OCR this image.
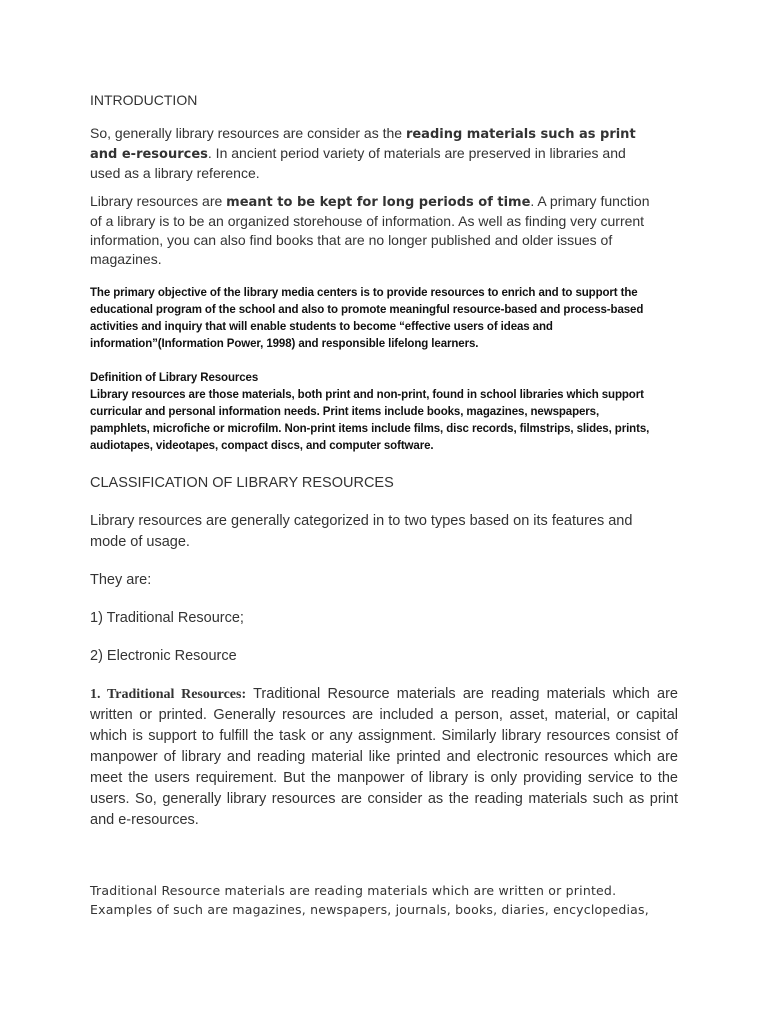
INTRODUCTION

So, generally library resources are consider as the reading materials such as print and e-resources. In ancient period variety of materials are preserved in libraries and used as a library reference.

Library resources are meant to be kept for long periods of time. A primary function of a library is to be an organized storehouse of information. As well as finding very current information, you can also find books that are no longer published and older issues of magazines.

The primary objective of the library media centers is to provide resources to enrich and to support the educational program of the school and also to promote meaningful resource-based and process-based activities and inquiry that will enable students to become “effective users of ideas and information”(Information Power, 1998) and responsible lifelong learners.

Definition of Library Resources

Library resources are those materials, both print and non-print, found in school libraries which support curricular and personal information needs. Print items include books, magazines, newspapers, pamphlets, microfiche or microfilm. Non-print items include films, disc records, filmstrips, slides, prints, audiotapes, videotapes, compact discs, and computer software.

CLASSIFICATION OF LIBRARY RESOURCES

Library resources are generally categorized in to two types based on its features and mode of usage.

They are:

1) Traditional Resource;

2) Electronic Resource

1. Traditional Resources: Traditional Resource materials are reading materials which are written or printed. Generally resources are included a person, asset, material, or capital which is support to fulfill the task or any assignment. Similarly library resources consist of manpower of library and reading material like printed and electronic resources which are meet the users requirement. But the manpower of library is only providing service to the users. So, generally library resources are consider as the reading materials such as print and e-resources.

Traditional Resource materials are reading materials which are written or printed. Examples of such are magazines, newspapers, journals, books, diaries, encyclopedias,
